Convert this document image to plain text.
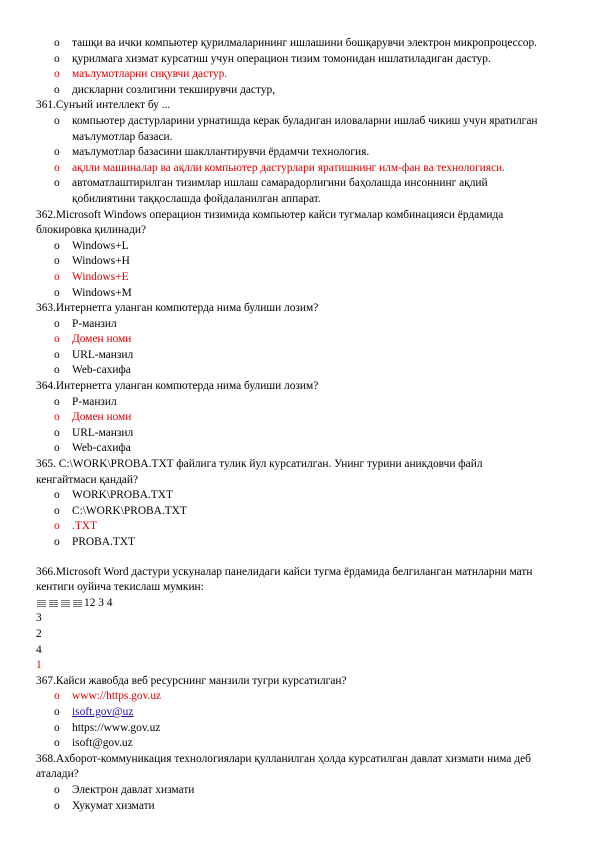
o ташқи ва ички компьютер қурилмаларининг ишлашини бошқарувчи электрон микропроцессор.
o қурилмага хизмат курсатиш учун операцион тизим томонидан ишлатиладиган дастур.
o маълумотларни сиқувчи дастур.
o дискларни созлигини текширувчи дастур,
361.Сунъий интеллект бу ...
o компьютер дастурларини урнатишда керак буладиган иловаларни ишлаб чикиш учун яратилган маълумотлар базаси.
o маълумотлар базасини шакллантирувчи ёрдамчи технология.
o ақлли машиналар ва ақлли компьютер дастурлари яратишнинг илм-фан ва технологияси.
o автоматлаштирилган тизимлар ишлаш самарадорлигини баҳолашда инсоннинг ақлий қобилиятини таққослашда фойдаланилган аппарат.
362.Microsoft Windows операцион тизимида компьютер кайси тугмалар комбинацияси ёрдамида блокировка қилинади?
o Windows+L
o Windows+H
o Windows+E
o Windows+M
363.Интернетга уланган компютерда нима булиши лозим?
o P-манзил
o Домен номи
o URL-манзил
o Web-сахифа
364.Интернетга уланган компютерда нима булиши лозим?
o P-манзил
o Домен номи
o URL-манзил
o Web-сахифа
365. C:\WORK\PROBA.TXT файлига тулик йул курсатилган. Унинг турини аникдовчи файл кенгайтмаси қандай?
o WORK\PROBA.TXT
o C:\WORK\PROBA.TXT
o .TXT
o PROBA.TXT
366.Microsoft Word дастури ускуналар панелидаги кайси тугма ёрдамида белгиланган матнларни матн кентиги оуйича текислаш мумкин:
12 3 4
3
2
4
1
367.Кайси жавобда веб ресурснинг манзили тугри курсатилган?
o www://https.gov.uz
o isoft.gov@uz
o https://www.gov.uz
o isoft@gov.uz
368.Ахборот-коммуникация технологиялари қулланилган ҳолда курсатилган давлат хизмати нима деб аталади?
o Электрон давлат хизмати
o Хукумат хизмати
